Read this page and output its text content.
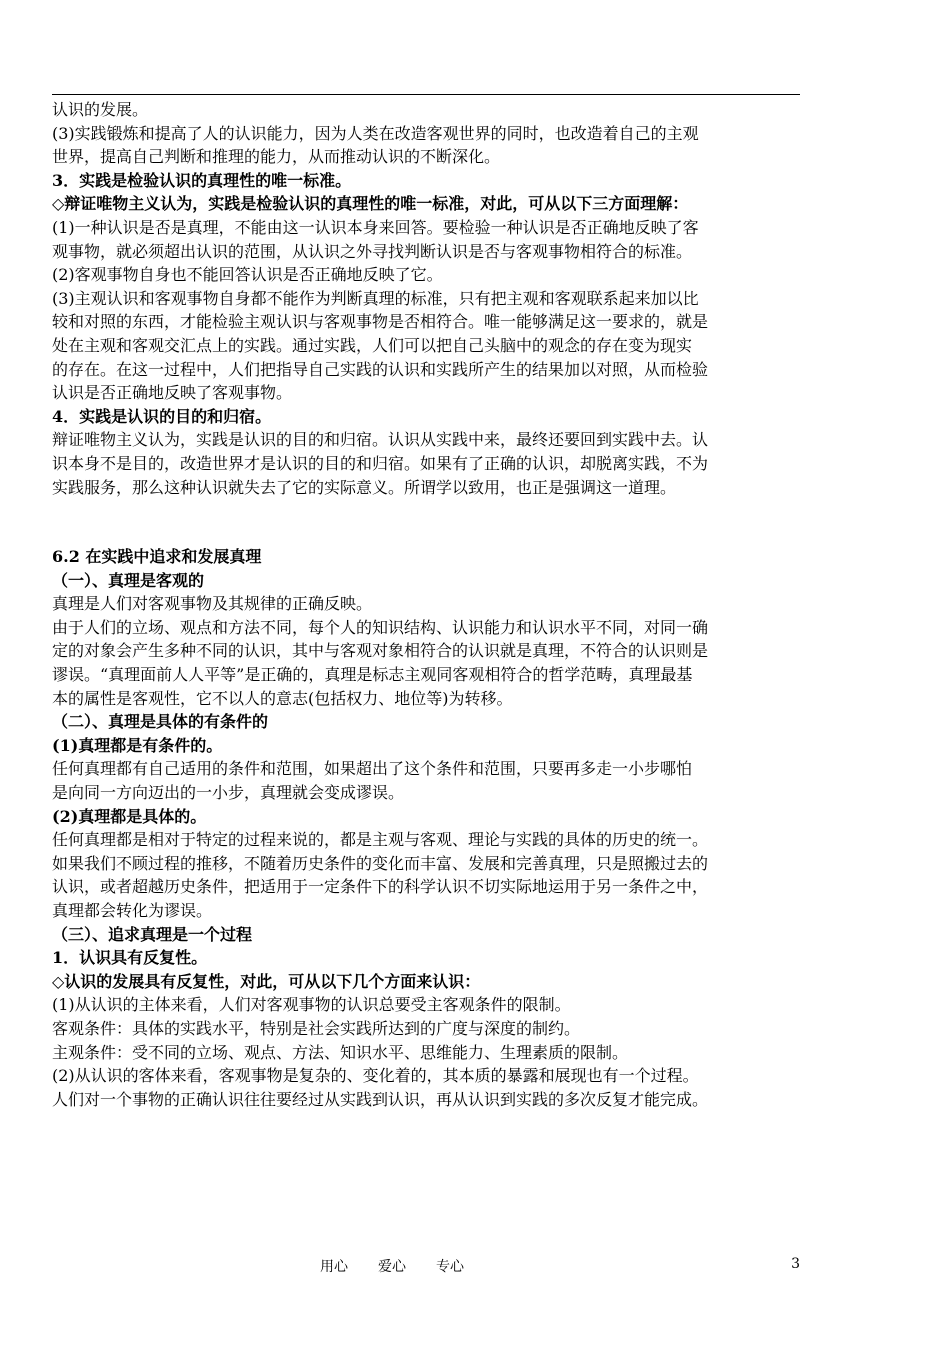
认识的发展。
(3)实践锻炼和提高了人的认识能力，因为人类在改造客观世界的同时，也改造着自己的主观
世界，提高自己判断和推理的能力，从而推动认识的不断深化。
3．实践是检验认识的真理性的唯一标准。
◇辩证唯物主义认为，实践是检验认识的真理性的唯一标准，对此，可从以下三方面理解：
(1)一种认识是否是真理，不能由这一认识本身来回答。要检验一种认识是否正确地反映了客
观事物，就必须超出认识的范围，从认识之外寻找判断认识是否与客观事物相符合的标准。
(2)客观事物自身也不能回答认识是否正确地反映了它。
(3)主观认识和客观事物自身都不能作为判断真理的标准，只有把主观和客观联系起来加以比
较和对照的东西，才能检验主观认识与客观事物是否相符合。唯一能够满足这一要求的，就是
处在主观和客观交汇点上的实践。通过实践，人们可以把自己头脑中的观念的存在变为现实
的存在。在这一过程中，人们把指导自己实践的认识和实践所产生的结果加以对照，从而检验
认识是否正确地反映了客观事物。
4．实践是认识的目的和归宿。
辩证唯物主义认为，实践是认识的目的和归宿。认识从实践中来，最终还要回到实践中去。认
识本身不是目的，改造世界才是认识的目的和归宿。如果有了正确的认识，却脱离实践，不为
实践服务，那么这种认识就失去了它的实际意义。所谓学以致用，也正是强调这一道理。
6.2 在实践中追求和发展真理
（一）、真理是客观的
真理是人们对客观事物及其规律的正确反映。
由于人们的立场、观点和方法不同，每个人的知识结构、认识能力和认识水平不同，对同一确
定的对象会产生多种不同的认识，其中与客观对象相符合的认识就是真理，不符合的认识则是
谬误。“真理面前人人平等”是正确的，真理是标志主观同客观相符合的哲学范畴，真理最基
本的属性是客观性，它不以人的意志(包括权力、地位等)为转移。
（二）、真理是具体的有条件的
(1)真理都是有条件的。
任何真理都有自己适用的条件和范围，如果超出了这个条件和范围，只要再多走一小步哪怕
是向同一方向迈出的一小步，真理就会变成谬误。
(2)真理都是具体的。
任何真理都是相对于特定的过程来说的，都是主观与客观、理论与实践的具体的历史的统一。
如果我们不顾过程的推移，不随着历史条件的变化而丰富、发展和完善真理，只是照搬过去的
认识，或者超越历史条件，把适用于一定条件下的科学认识不切实际地运用于另一条件之中，
真理都会转化为谬误。
（三）、追求真理是一个过程
1．认识具有反复性。
◇认识的发展具有反复性，对此，可从以下几个方面来认识：
(1)从认识的主体来看，人们对客观事物的认识总要受主客观条件的限制。
客观条件：具体的实践水平，特别是社会实践所达到的广度与深度的制约。
主观条件：受不同的立场、观点、方法、知识水平、思维能力、生理素质的限制。
(2)从认识的客体来看，客观事物是复杂的、变化着的，其本质的暴露和展现也有一个过程。
人们对一个事物的正确认识往往要经过从实践到认识，再从认识到实践的多次反复才能完成。
用心 爱心 专心	3
